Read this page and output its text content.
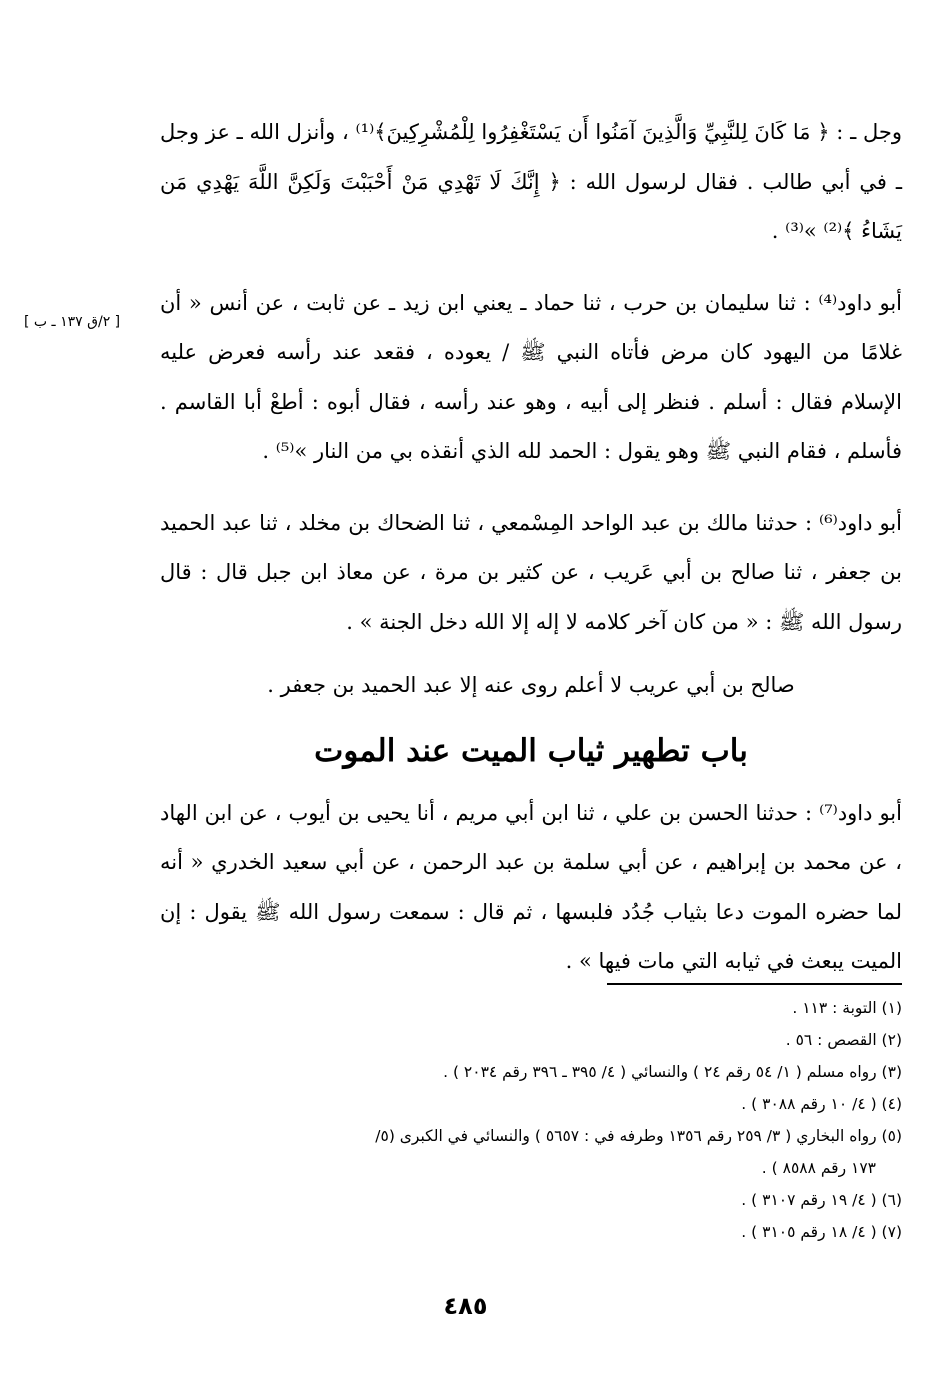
[ ٢/ق ١٣٧ ـ ب ]

وجل ـ : ﴿ مَا كَانَ لِلنَّبِيِّ وَالَّذِينَ آمَنُوا أَن يَسْتَغْفِرُوا لِلْمُشْرِكِينَ﴾⁽¹⁾ ، وأنزل الله ـ عز وجل ـ في أبي طالب . فقال لرسول الله : ﴿ إِنَّكَ لَا تَهْدِي مَنْ أَحْبَبْتَ وَلَكِنَّ اللَّهَ يَهْدِي مَن يَشَاءُ ﴾⁽²⁾ »⁽³⁾ .

أبو داود⁽⁴⁾ : ثنا سليمان بن حرب ، ثنا حماد ـ يعني ابن زيد ـ عن ثابت ، عن أنس « أن غلامًا من اليهود كان مرض فأتاه النبي ﷺ / يعوده ، فقعد عند رأسه فعرض عليه الإسلام فقال : أسلم . فنظر إلى أبيه ، وهو عند رأسه ، فقال أبوه : أطعْ أبا القاسم . فأسلم ، فقام النبي ﷺ وهو يقول : الحمد لله الذي أنقذه بي من النار »⁽⁵⁾ .

أبو داود⁽⁶⁾ : حدثنا مالك بن عبد الواحد المِسْمعي ، ثنا الضحاك بن مخلد ، ثنا عبد الحميد بن جعفر ، ثنا صالح بن أبي عَريب ، عن كثير بن مرة ، عن معاذ ابن جبل قال : قال رسول الله ﷺ : « من كان آخر كلامه لا إله إلا الله دخل الجنة » .

صالح بن أبي عريب لا أعلم روى عنه إلا عبد الحميد بن جعفر .

باب تطهير ثياب الميت عند الموت

أبو داود⁽⁷⁾ : حدثنا الحسن بن علي ، ثنا ابن أبي مريم ، أنا يحيى بن أيوب ، عن ابن الهاد ، عن محمد بن إبراهيم ، عن أبي سلمة بن عبد الرحمن ، عن أبي سعيد الخدري « أنه لما حضره الموت دعا بثياب جُدُد فلبسها ، ثم قال : سمعت رسول الله ﷺ يقول : إن الميت يبعث في ثيابه التي مات فيها » .

(١) التوبة : ١١٣ .
(٢) القصص : ٥٦ .
(٣) رواه مسلم ( ١/ ٥٤ رقم ٢٤ ) والنسائي ( ٤/ ٣٩٥ ـ ٣٩٦ رقم ٢٠٣٤ ) .
(٤) ( ٤/ ١٠ رقم ٣٠٨٨ ) .
(٥) رواه البخاري ( ٣/ ٢٥٩ رقم ١٣٥٦ وطرفه في : ٥٦٥٧ ) والنسائي في الكبرى (٥/
١٧٣ رقم ٨٥٨٨ ) .
(٦) ( ٤/ ١٩ رقم ٣١٠٧ ) .
(٧) ( ٤/ ١٨ رقم ٣١٠٥ ) .
٤٨٥
